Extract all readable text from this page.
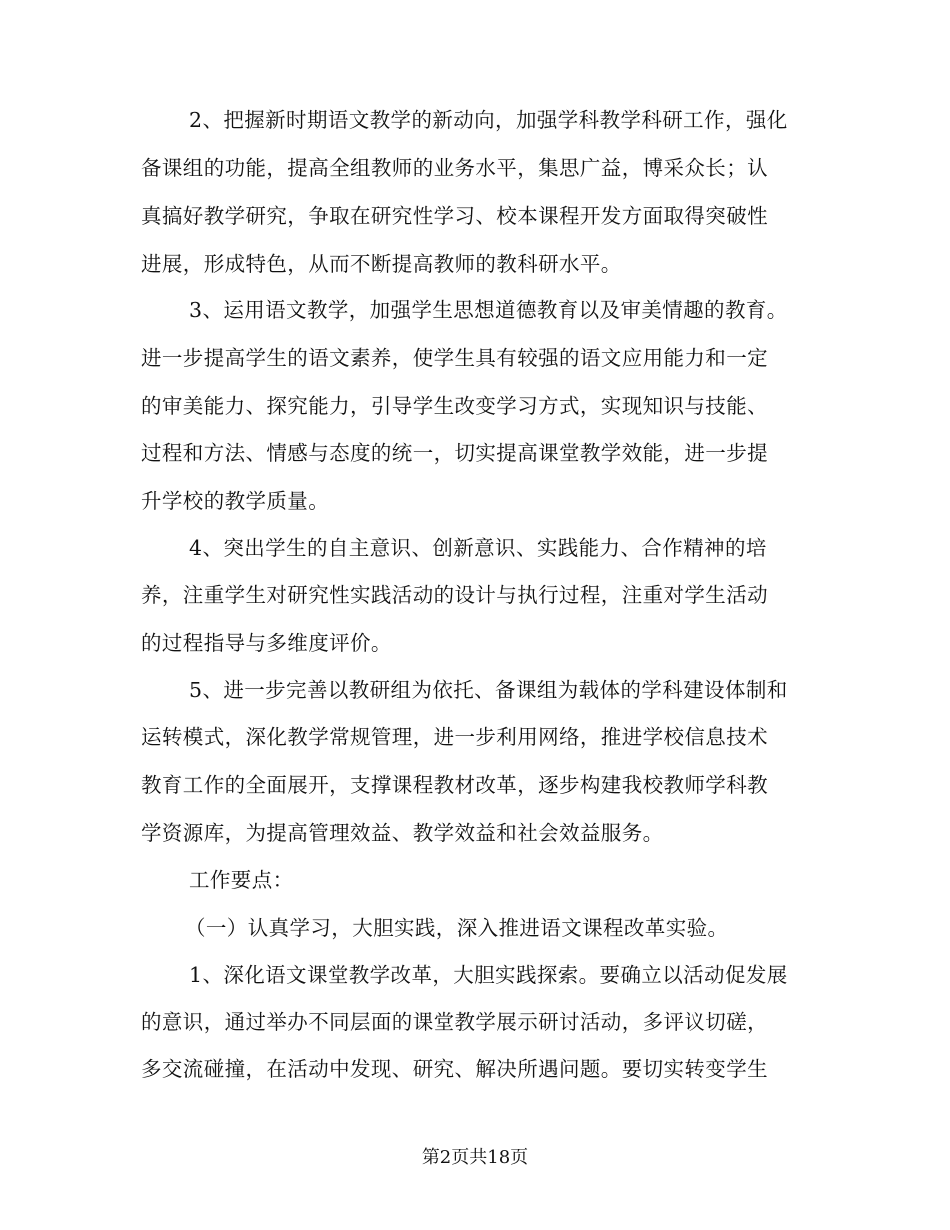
2、把握新时期语文教学的新动向，加强学科教学科研工作，强化
备课组的功能，提高全组教师的业务水平，集思广益，博采众长；认
真搞好教学研究，争取在研究性学习、校本课程开发方面取得突破性
进展，形成特色，从而不断提高教师的教科研水平。
3、运用语文教学，加强学生思想道德教育以及审美情趣的教育。
进一步提高学生的语文素养，使学生具有较强的语文应用能力和一定
的审美能力、探究能力，引导学生改变学习方式，实现知识与技能、
过程和方法、情感与态度的统一，切实提高课堂教学效能，进一步提
升学校的教学质量。
4、突出学生的自主意识、创新意识、实践能力、合作精神的培
养，注重学生对研究性实践活动的设计与执行过程，注重对学生活动
的过程指导与多维度评价。
5、进一步完善以教研组为依托、备课组为载体的学科建设体制和
运转模式，深化教学常规管理，进一步利用网络，推进学校信息技术
教育工作的全面展开，支撑课程教材改革，逐步构建我校教师学科教
学资源库，为提高管理效益、教学效益和社会效益服务。
工作要点：
（一）认真学习，大胆实践，深入推进语文课程改革实验。
1、深化语文课堂教学改革，大胆实践探索。要确立以活动促发展
的意识，通过举办不同层面的课堂教学展示研讨活动，多评议切磋，
多交流碰撞，在活动中发现、研究、解决所遇问题。要切实转变学生
第2页共18页
